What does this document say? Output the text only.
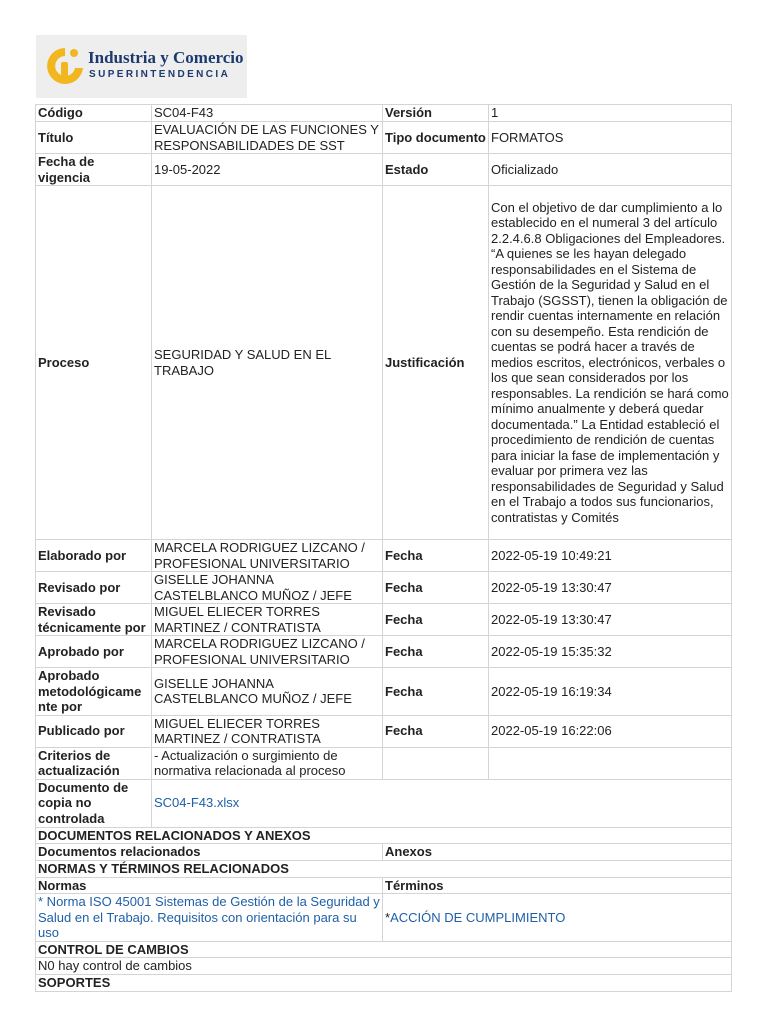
Industria y Comercio
SUPERINTENDENCIA
Código	SC04-F43	Versión	1
Título	EVALUACIÓN DE LAS FUNCIONES Y RESPONSABILIDADES DE SST	Tipo documento	FORMATOS
Fecha de vigencia	19-05-2022	Estado	Oficializado
Proceso	SEGURIDAD Y SALUD EN EL TRABAJO	Justificación	Con el objetivo de dar cumplimiento a lo establecido en el numeral 3 del artículo 2.2.4.6.8 Obligaciones del Empleadores. “A quienes se les hayan delegado responsabilidades en el Sistema de Gestión de la Seguridad y Salud en el Trabajo (SGSST), tienen la obligación de rendir cuentas internamente en relación con su desempeño. Esta rendición de cuentas se podrá hacer a través de medios escritos, electrónicos, verbales o los que sean considerados por los responsables. La rendición se hará como mínimo anualmente y deberá quedar documentada.” La Entidad estableció el procedimiento de rendición de cuentas para iniciar la fase de implementación y evaluar por primera vez las responsabilidades de Seguridad y Salud en el Trabajo a todos sus funcionarios, contratistas y Comités
Elaborado por	MARCELA RODRIGUEZ LIZCANO / PROFESIONAL UNIVERSITARIO	Fecha	2022-05-19 10:49:21
Revisado por	GISELLE JOHANNA CASTELBLANCO MUÑOZ / JEFE	Fecha	2022-05-19 13:30:47
Revisado técnicamente por	MIGUEL ELIECER TORRES MARTINEZ / CONTRATISTA	Fecha	2022-05-19 13:30:47
Aprobado por	MARCELA RODRIGUEZ LIZCANO / PROFESIONAL UNIVERSITARIO	Fecha	2022-05-19 15:35:32
Aprobado metodológicame nte por	GISELLE JOHANNA CASTELBLANCO MUÑOZ / JEFE	Fecha	2022-05-19 16:19:34
Publicado por	MIGUEL ELIECER TORRES MARTINEZ / CONTRATISTA	Fecha	2022-05-19 16:22:06
Criterios de actualización	- Actualización o surgimiento de normativa relacionada al proceso		
Documento de copia no controlada	SC04-F43.xlsx		
DOCUMENTOS RELACIONADOS Y ANEXOS			
Documentos relacionados		Anexos	
NORMAS Y TÉRMINOS RELACIONADOS			
Normas		Términos	
* Norma ISO 45001 Sistemas de Gestión de la Seguridad y Salud en el Trabajo. Requisitos con orientación para su uso		*ACCIÓN DE CUMPLIMIENTO	
CONTROL DE CAMBIOS			
N0 hay control de cambios			
SOPORTES			
